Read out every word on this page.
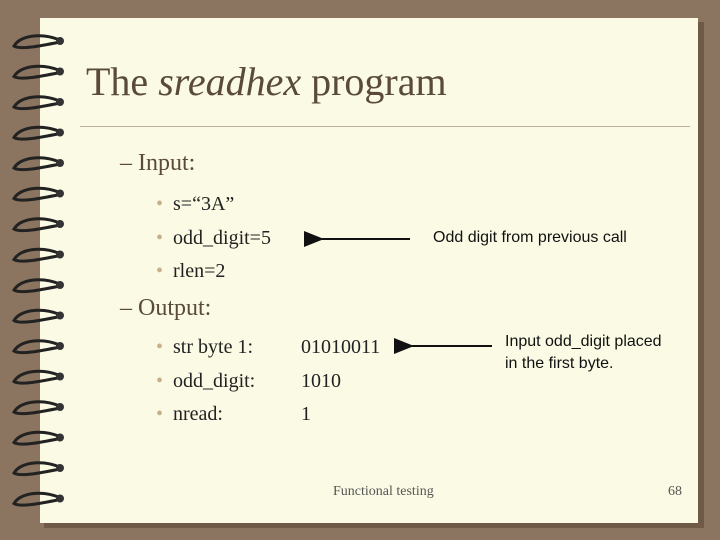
The sreadhex program
– Input:
• s=“3A”
• odd_digit=5
• rlen=2
– Output:
• str byte 1:
• odd_digit:
• nread:
01010011
1010
1
Odd digit from previous call
Input odd_digit placed
in the first byte.
Functional testing	68
